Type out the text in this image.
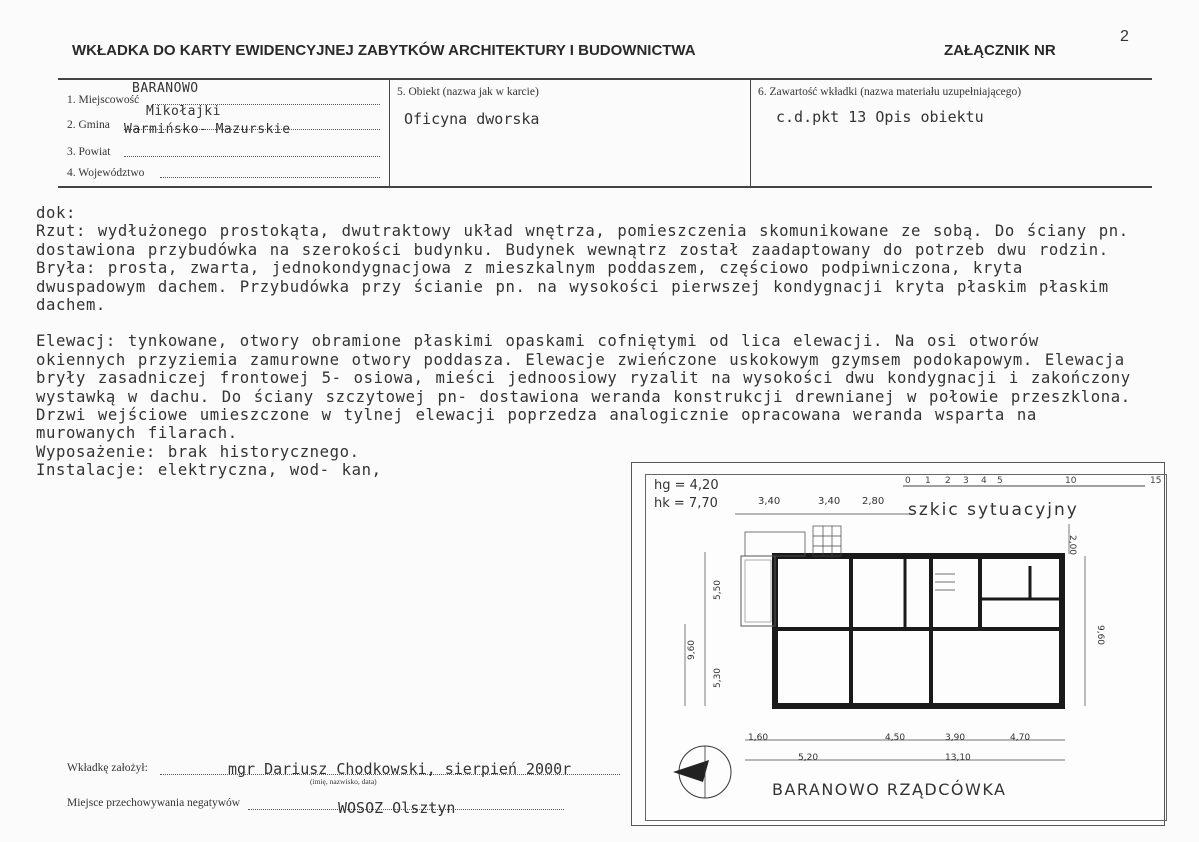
WKŁADKA DO KARTY EWIDENCYJNEJ ZABYTKÓW ARCHITEKTURY I BUDOWNICTWA	ZAŁĄCZNIK NR
2
1. Miejscowość
BARANOWO
2. Gmina
Mikołajki
Warmińsko- Mazurskie
3. Powiat
4. Województwo
5. Obiekt (nazwa jak w karcie)
Oficyna dworska
6. Zawartość wkładki (nazwa materiału uzupełniającego)
c.d.pkt 13 Opis obiektu

dok:

Rzut: wydłużonego prostokąta, dwutraktowy układ wnętrza, pomieszczenia skomunikowane ze sobą. Do ściany pn. dostawiona przybudówka na szerokości budynku. Budynek wewnątrz został zaadaptowany do potrzeb dwu rodzin.

Bryła: prosta, zwarta, jednokondygnacjowa z mieszkalnym poddaszem, częściowo podpiwniczona, kryta dwuspadowym dachem. Przybudówka przy ścianie pn. na wysokości pierwszej kondygnacji kryta płaskim płaskim dachem.

Elewacj: tynkowane, otwory obramione płaskimi opaskami cofniętymi od lica elewacji. Na osi otworów okiennych przyziemia zamurowne otwory poddasza. Elewacje zwieńczone uskokowym gzymsem podokapowym. Elewacja bryły zasadniczej frontowej 5- osiowa, mieści jednoosiowy ryzalit na wysokości dwu kondygnacji i zakończony wystawką w dachu. Do ściany szczytowej pn- dostawiona weranda konstrukcji drewnianej w połowie przeszklona. Drzwi wejściowe umieszczone w tylnej elewacji poprzedza analogicznie opracowana weranda wsparta na murowanych filarach.

Wyposażenie: brak historycznego.

Instalacje: elektryczna, wod- kan,

0 1 2 3 4 5	10	15
hg = 4,20
hk = 7,70	szkic sytuacyjny
BARANOWO RZĄDCÓWKA
3,40	3,40 2,80
1,60	4,50	3,90	4,70
5,20	13,10
5,50
9,60
5,30
2,00
9,60
Wkładkę założył:	mgr Dariusz Chodkowski, sierpień 2000r
(imię, nazwisko, data)
Miejsce przechowywania negatywów	WOSOZ Olsztyn
